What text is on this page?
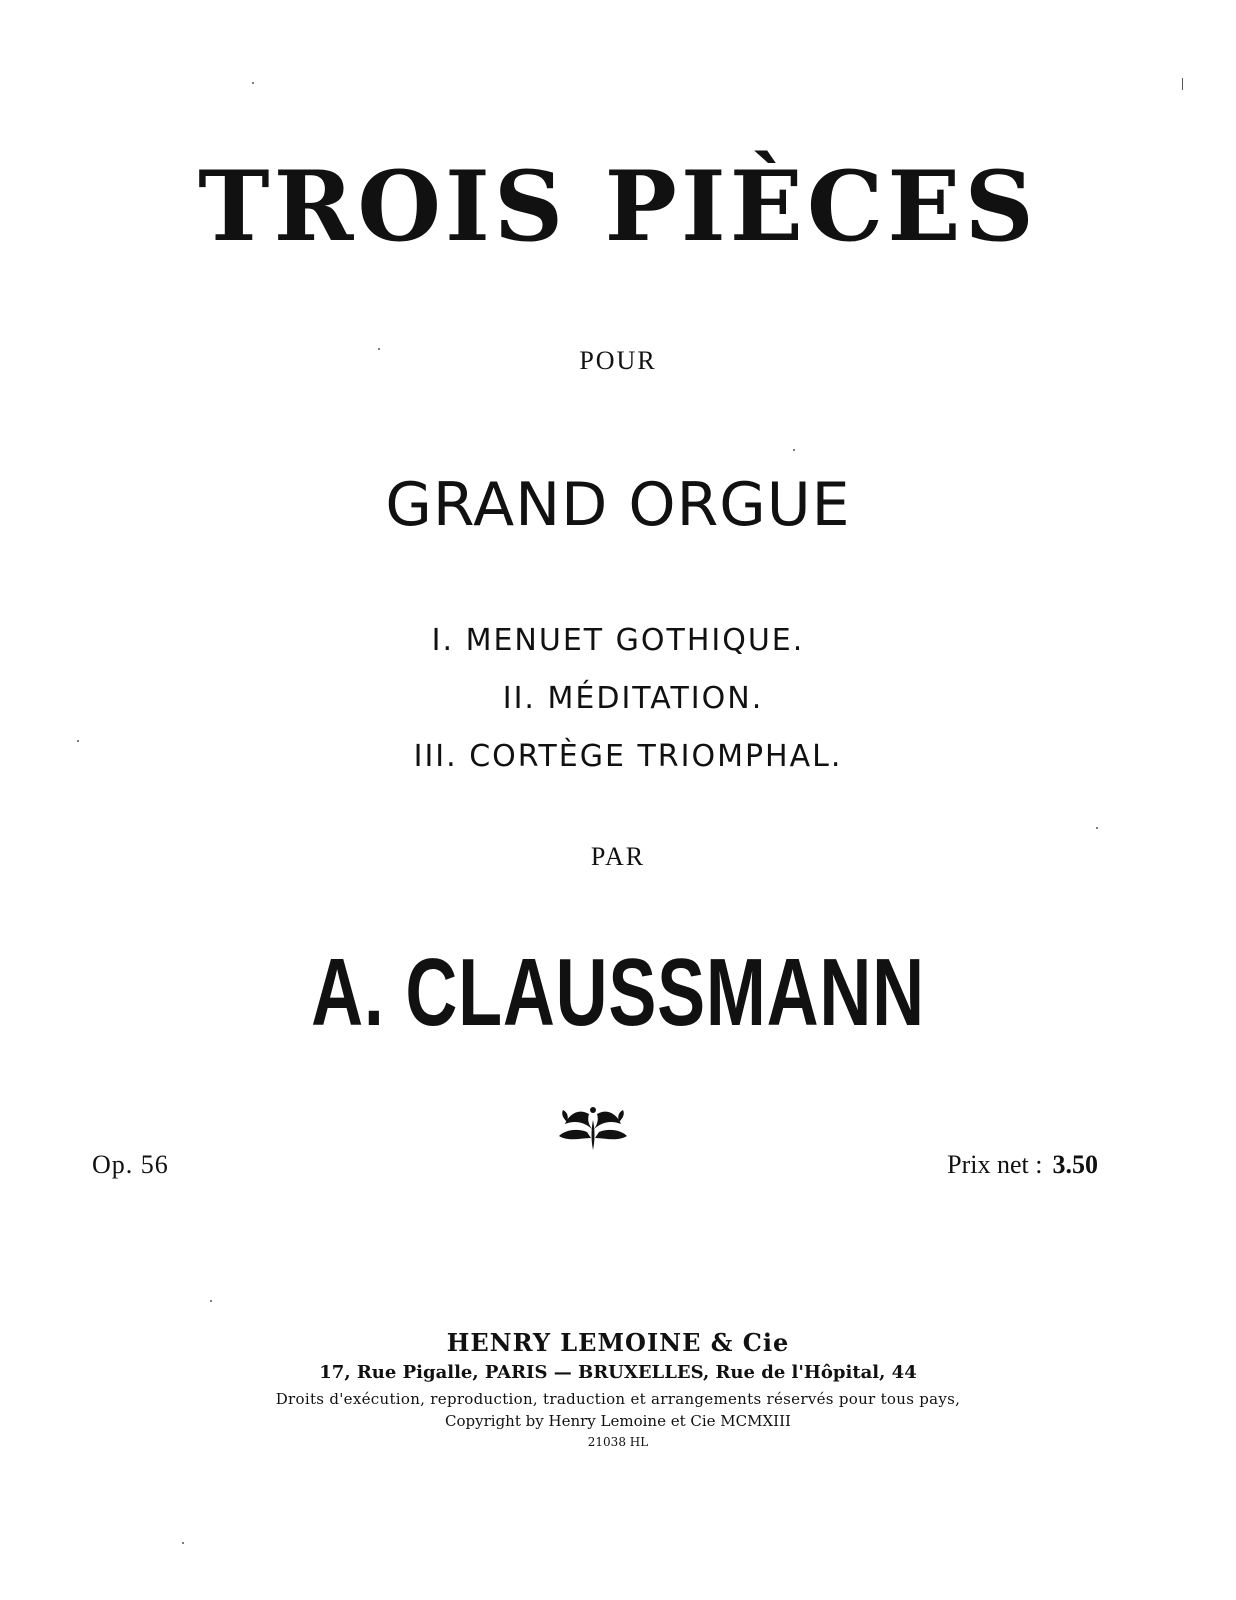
TROIS PIÈCES
POUR
GRAND ORGUE
I. MENUET GOTHIQUE.
II. MÉDITATION.
III. CORTÈGE TRIOMPHAL.
PAR
A. CLAUSSMANN
Op. 56	Prix net : 3.50
HENRY LEMOINE & Cie
17, Rue Pigalle, PARIS — BRUXELLES, Rue de l'Hôpital, 44
Droits d'exécution, reproduction, traduction et arrangements réservés pour tous pays,
Copyright by Henry Lemoine et Cie MCMXIII
21038 HL
